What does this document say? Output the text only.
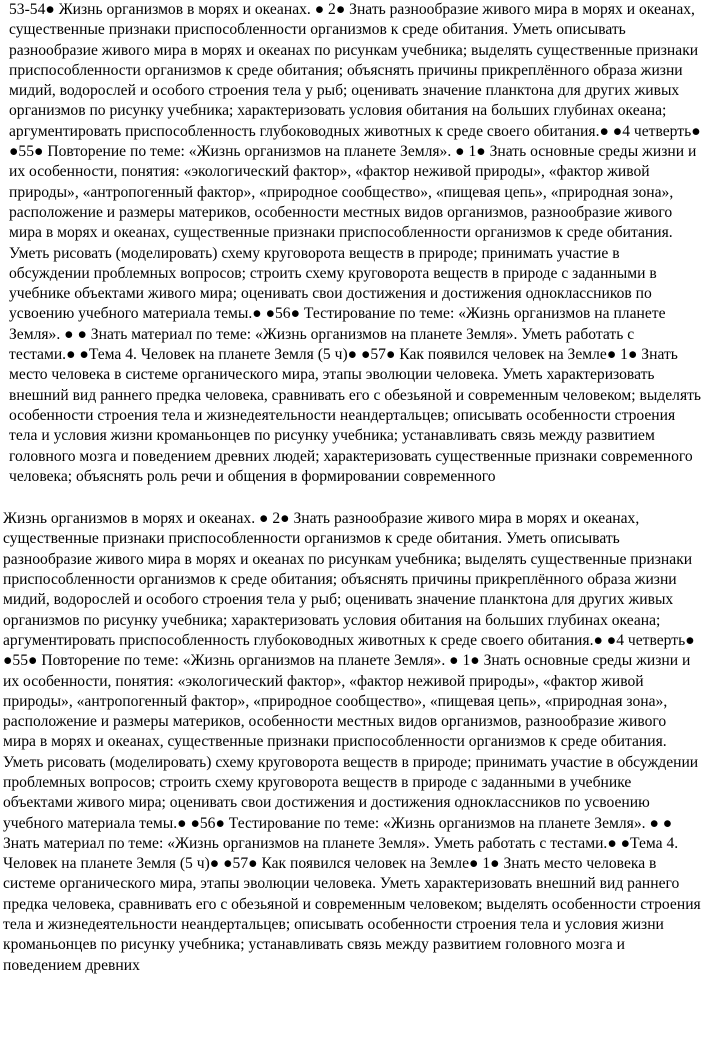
53-54● Жизнь организмов в морях и океанах. ● 2● Знать разнообразие живого мира в морях и океанах, существенные признаки приспособленности организмов к среде обитания. Уметь описывать разнообразие живого мира в морях и океанах по рисункам учебника; выделять существенные признаки приспособленности организмов к среде обитания; объяснять причины прикреплённого образа жизни мидий, водорослей и особого строения тела у рыб; оценивать значение планктона для других живых организмов по рисунку учебника; характеризовать условия обитания на больших глубинах океана; аргументировать приспособленность глубоководных животных к среде своего обитания.● ●4 четверть● ●55● Повторение по теме: «Жизнь организмов на планете Земля». ● 1● Знать основные среды жизни и их особенности, понятия: «экологический фактор», «фактор неживой природы», «фактор живой природы», «антропогенный фактор», «природное сообщество», «пищевая цепь», «природная зона», расположение и размеры материков, особенности местных видов организмов, разнообразие живого мира в морях и океанах, существенные признаки приспособленности организмов к среде обитания. Уметь рисовать (моделировать) схему круговорота веществ в природе; принимать участие в обсуждении проблемных вопросов; строить схему круговорота веществ в природе с заданными в учебнике объектами живого мира; оценивать свои достижения и достижения одноклассников по усвоению учебного материала темы.● ●56● Тестирование по теме: «Жизнь организмов на планете Земля». ● ● Знать материал по теме: «Жизнь организмов на планете Земля». Уметь работать с тестами.● ●Тема 4. Человек на планете Земля (5 ч)● ●57● Как появился человек на Земле● 1● Знать место человека в системе органического мира, этапы эволюции человека. Уметь характеризовать внешний вид раннего предка человека, сравнивать его с обезьяной и современным человеком; выделять особенности строения тела и жизнедеятельности неандертальцев; описывать особенности строения тела и условия жизни кроманьонцев по рисунку учебника; устанавливать связь между развитием головного мозга и поведением древних людей; характеризовать существенные признаки современного человека; объяснять роль речи и общения в формировании современного

Жизнь организмов в морях и океанах. ● 2● Знать разнообразие живого мира в морях и океанах, существенные признаки приспособленности организмов к среде обитания. Уметь описывать разнообразие живого мира в морях и океанах по рисункам учебника; выделять существенные признаки приспособленности организмов к среде обитания; объяснять причины прикреплённого образа жизни мидий, водорослей и особого строения тела у рыб; оценивать значение планктона для других живых организмов по рисунку учебника; характеризовать условия обитания на больших глубинах океана; аргументировать приспособленность глубоководных животных к среде своего обитания.● ●4 четверть● ●55● Повторение по теме: «Жизнь организмов на планете Земля». ● 1● Знать основные среды жизни и их особенности, понятия: «экологический фактор», «фактор неживой природы», «фактор живой природы», «антропогенный фактор», «природное сообщество», «пищевая цепь», «природная зона», расположение и размеры материков, особенности местных видов организмов, разнообразие живого мира в морях и океанах, существенные признаки приспособленности организмов к среде обитания. Уметь рисовать (моделировать) схему круговорота веществ в природе; принимать участие в обсуждении проблемных вопросов; строить схему круговорота веществ в природе с заданными в учебнике объектами живого мира; оценивать свои достижения и достижения одноклассников по усвоению учебного материала темы.● ●56● Тестирование по теме: «Жизнь организмов на планете Земля». ● ● Знать материал по теме: «Жизнь организмов на планете Земля». Уметь работать с тестами.● ●Тема 4. Человек на планете Земля (5 ч)● ●57● Как появился человек на Земле● 1● Знать место человека в системе органического мира, этапы эволюции человека. Уметь характеризовать внешний вид раннего предка человека, сравнивать его с обезьяной и современным человеком; выделять особенности строения тела и жизнедеятельности неандертальцев; описывать особенности строения тела и условия жизни кроманьонцев по рисунку учебника; устанавливать связь между развитием головного мозга и поведением древних
